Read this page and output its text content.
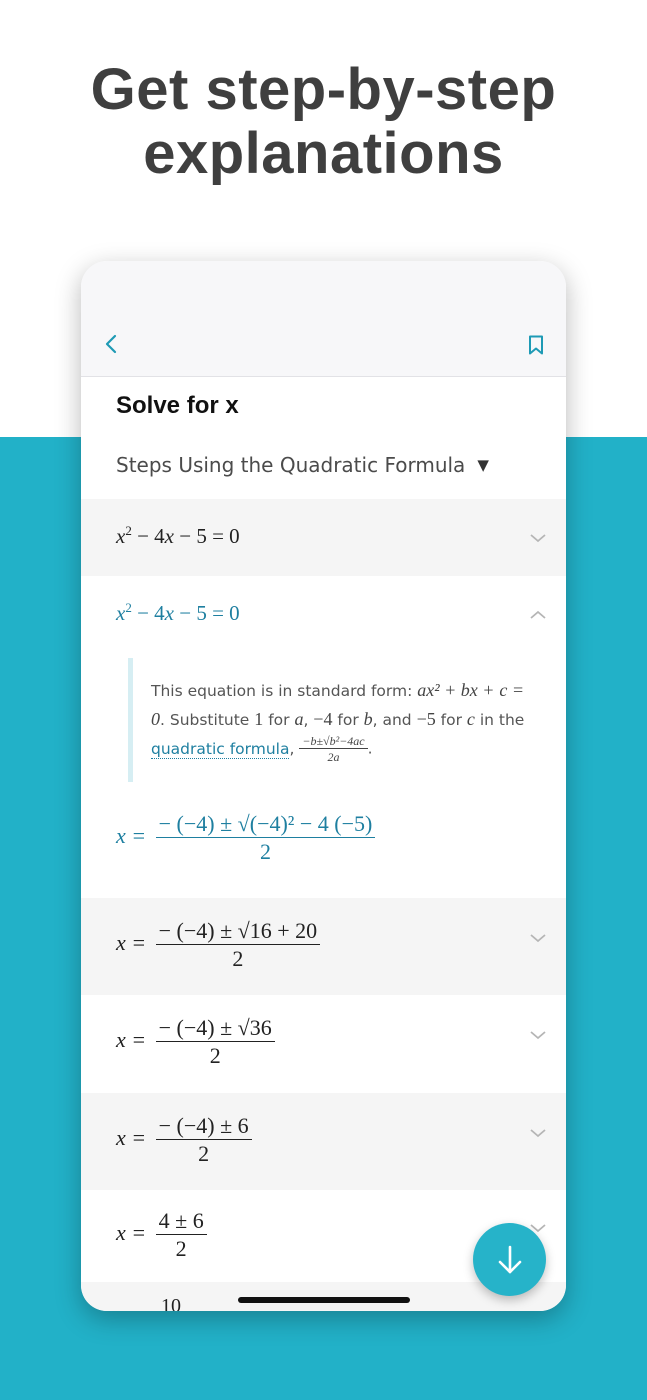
Get step-by-step
explanations
Solve for x
Steps Using the Quadratic Formula ▼
$x^2 - 4x - 5 = 0$
$x^2 - 4x - 5 = 0$
This equation is in standard form: ax² + bx + c = 0. Substitute 1 for a, −4 for b, and −5 for c in the quadratic formula, $\frac{\text{−b±√b²−4ac}}{2a}$ .
$x = \frac{\text{− (−4) ± √(−4)² − 4 (−5)}}{2}$
$x = \frac{- (-4) \pm √16 + 20}{2}$
$x = \frac{- (-4) \pm √36}{2}$
$x = \frac{- (-4) \pm 6}{2}$
$x = \frac{4 \pm 6}{2}$
10
